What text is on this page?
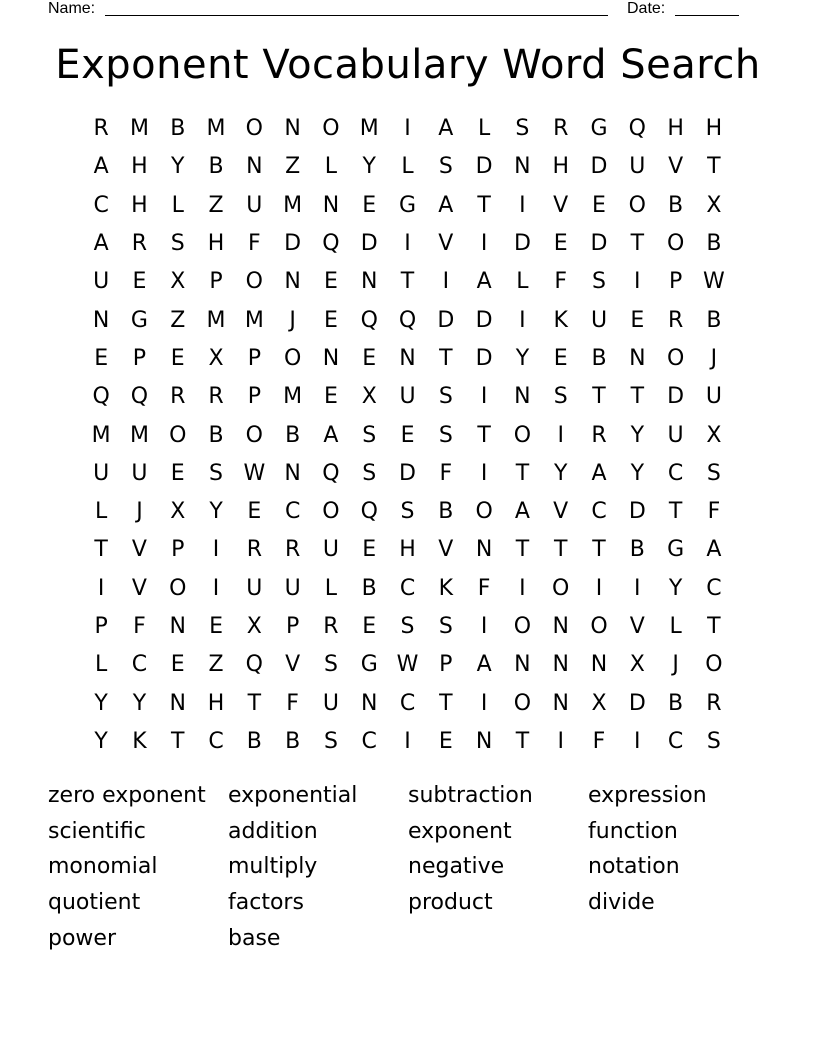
Name:	Date:
Exponent Vocabulary Word Search
R M B M O N O M	I	A	L	S	R	G Q H H
A	H	Y	B	N	Z	L	Y	L	S	D N H D U	V	T
C	H	L	Z	U M N	E	G	A	T	I	V	E	O	B	X
A	R	S	H	F	D Q D	I	V	I	D	E	D	T	O	B
U	E	X	P	O N	E	N	T	I	A	L	F	S	I	P W
N G	Z M M	J	E	Q Q D D	I	K	U	E	R	B
E	P	E	X	P	O N	E	N	T	D	Y	E	B	N O	J
Q Q R	R	P	M E	X	U	S	I	N	S	T	T	D U
M M O	B	O	B	A	S	E	S	T	O	I	R	Y	U	X
U	U	E	S W N Q	S	D	F	I	T	Y	A	Y	C	S
L	J	X	Y	E	C O Q	S	B	O	A	V	C	D	T	F
T	V	P	I	R	R	U	E	H	V	N	T	T	T	B	G	A
I	V	O	I	U	U	L	B	C	K	F	I	O	I	I	Y	C
P	F	N	E	X	P	R	E	S	S	I	O N O	V	L	T
L	C	E	Z	Q	V	S	G W P	A	N N N	X	J	O
Y	Y	N H	T	F	U	N	C	T	I	O N	X	D	B	R
Y	K	T	C	B	B	S	C	I	E	N	T	I	F	I	C	S
zero exponent	exponential	subtraction	expression
scientific	addition	exponent	function
monomial	multiply	negative	notation
quotient	factors	product	divide
power	base
